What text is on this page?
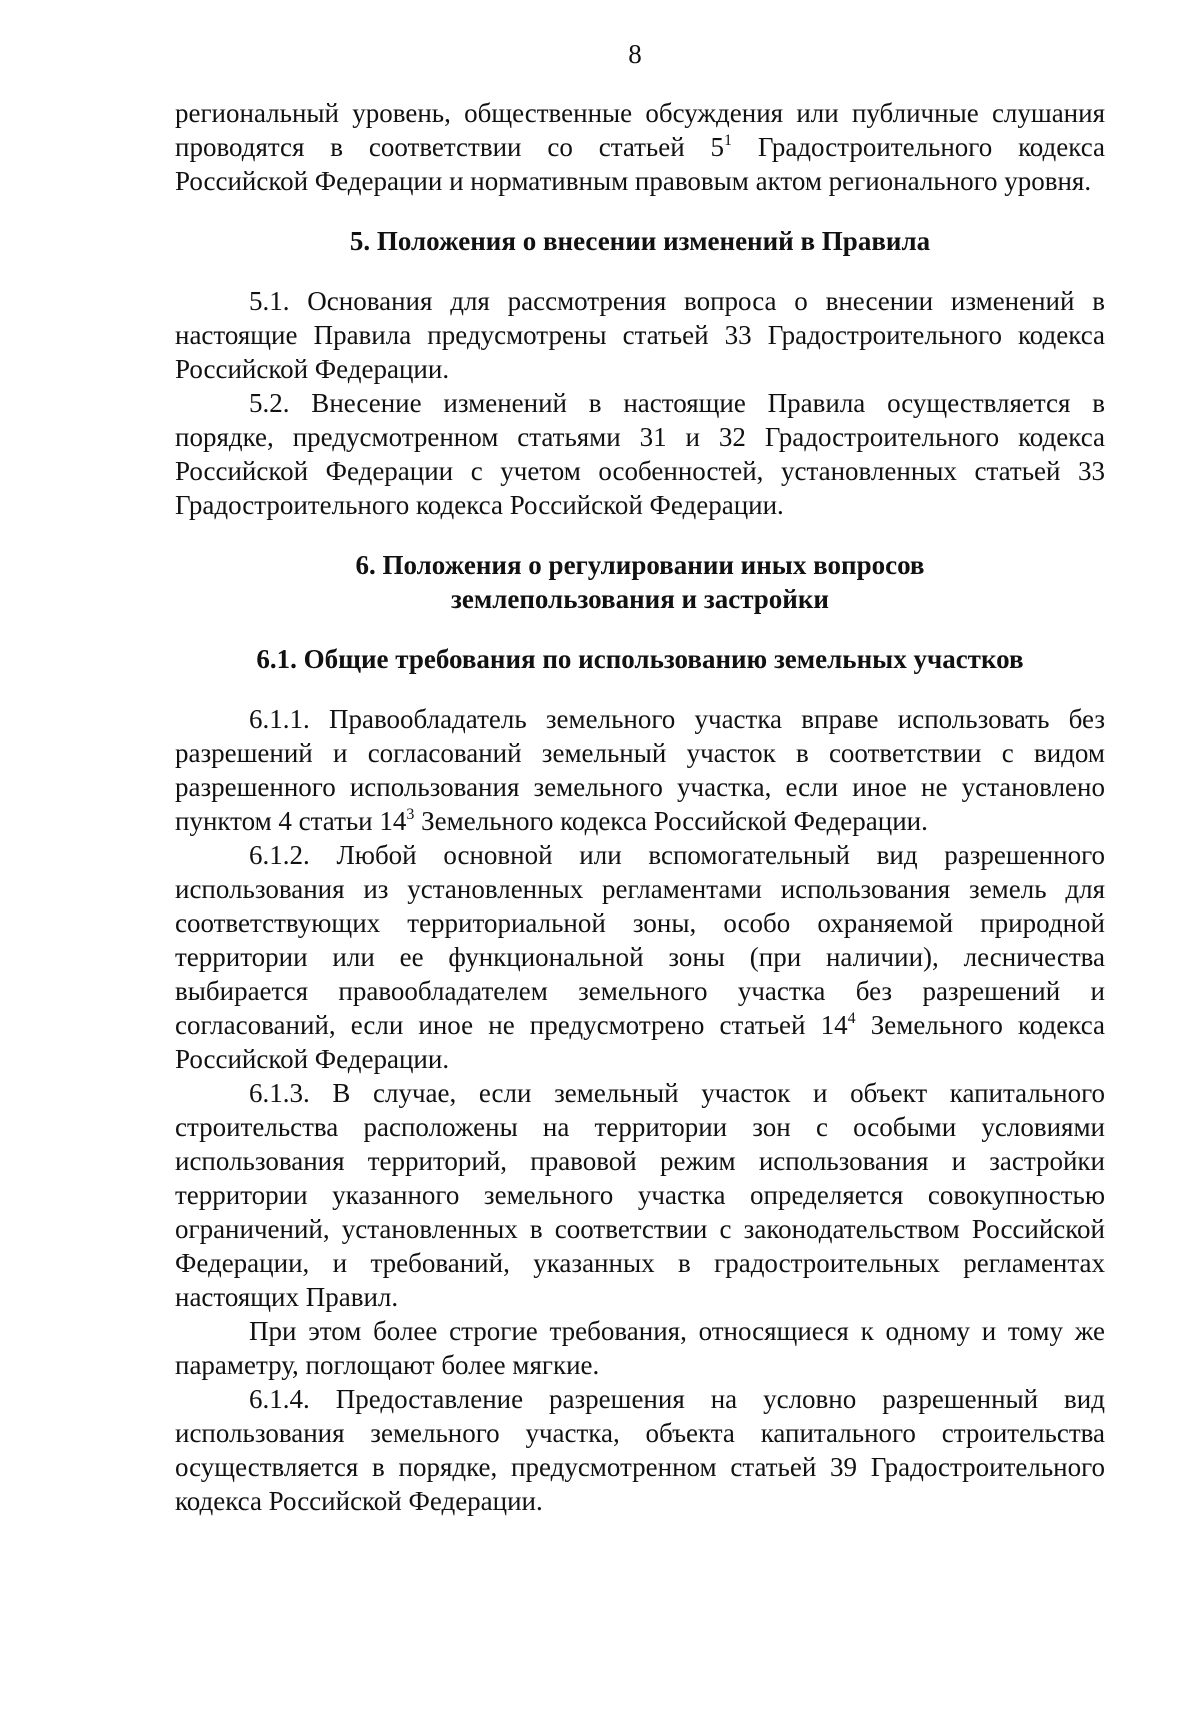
8

региональный уровень, общественные обсуждения или публичные слушания проводятся в соответствии со статьей $5^1$ Градостроительного кодекса Российской Федерации и нормативным правовым актом регионального уровня.

5. Положения о внесении изменений в Правила

5.1. Основания для рассмотрения вопроса о внесении изменений в настоящие Правила предусмотрены статьей 33 Градостроительного кодекса Российской Федерации.

5.2. Внесение изменений в настоящие Правила осуществляется в порядке, предусмотренном статьями 31 и 32 Градостроительного кодекса Российской Федерации с учетом особенностей, установленных статьей 33 Градостроительного кодекса Российской Федерации.

6. Положения о регулировании иных вопросов

землепользования и застройки

6.1. Общие требования по использованию земельных участков

6.1.1. Правообладатель земельного участка вправе использовать без разрешений и согласований земельный участок в соответствии с видом разрешенного использования земельного участка, если иное не установлено пунктом 4 статьи $14^3$ Земельного кодекса Российской Федерации.

6.1.2. Любой основной или вспомогательный вид разрешенного использования из установленных регламентами использования земель для соответствующих территориальной зоны, особо охраняемой природной территории или ее функциональной зоны (при наличии), лесничества выбирается правообладателем земельного участка без разрешений и согласований, если иное не предусмотрено статьей $14^4$ Земельного кодекса Российской Федерации.

6.1.3. В случае, если земельный участок и объект капитального строительства расположены на территории зон с особыми условиями использования территорий, правовой режим использования и застройки территории указанного земельного участка определяется совокупностью ограничений, установленных в соответствии с законодательством Российской Федерации, и требований, указанных в градостроительных регламентах настоящих Правил.

При этом более строгие требования, относящиеся к одному и тому же параметру, поглощают более мягкие.

6.1.4. Предоставление разрешения на условно разрешенный вид использования земельного участка, объекта капитального строительства осуществляется в порядке, предусмотренном статьей 39 Градостроительного кодекса Российской Федерации.
